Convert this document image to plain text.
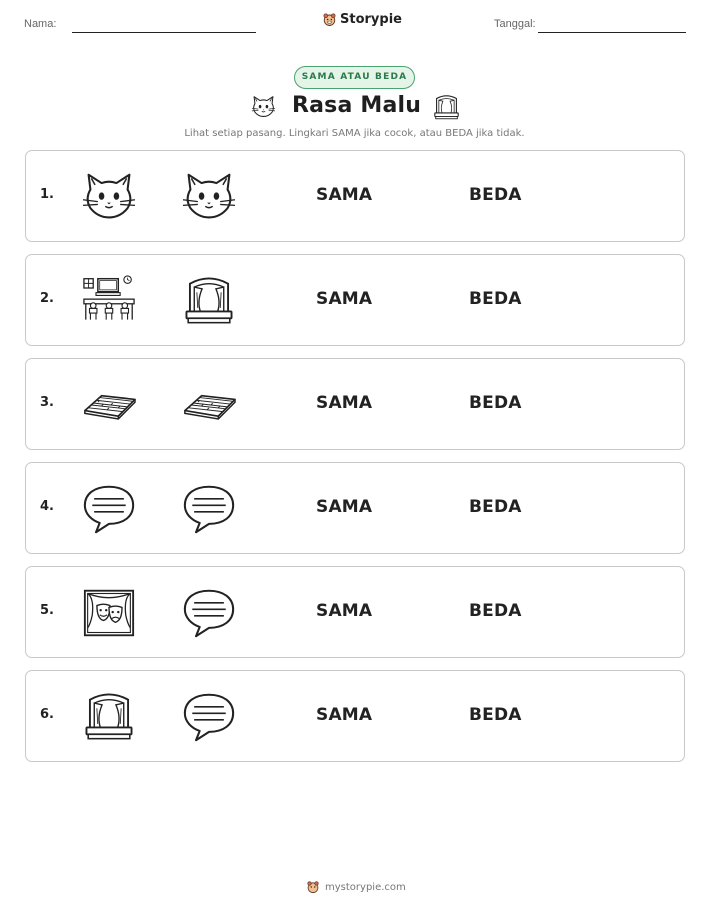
Nama:	Storypie	Tanggal:
SAMA ATAU BEDA
Rasa Malu
Lihat setiap pasang. Lingkari SAMA jika cocok, atau BEDA jika tidak.
1.	SAMA	BEDA
2.	SAMA	BEDA
3.	SAMA	BEDA
4.	SAMA	BEDA
5.	SAMA	BEDA
6.	SAMA	BEDA
mystorypie.com
